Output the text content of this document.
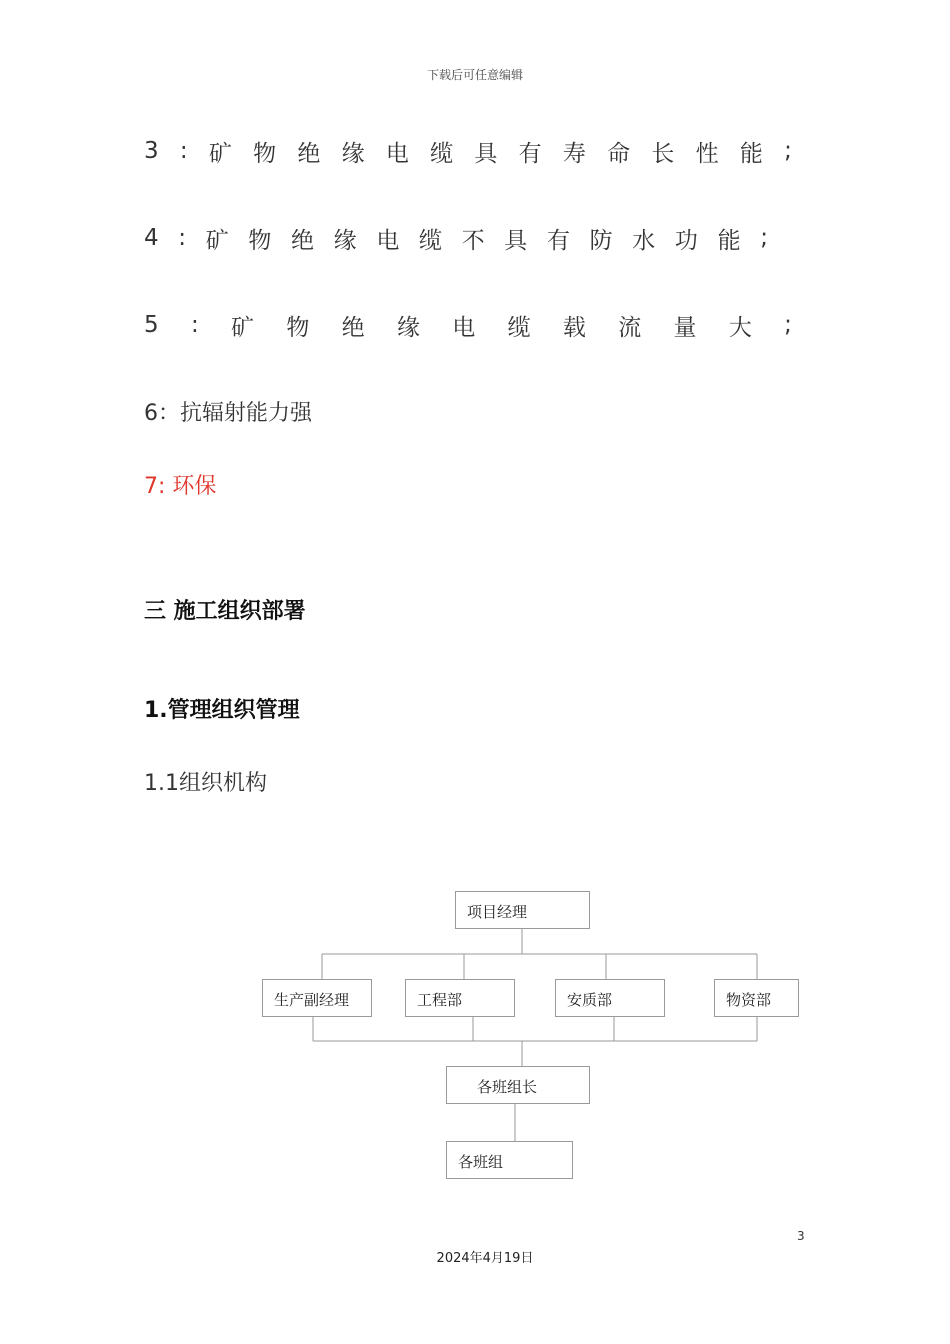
下载后可任意编辑
3 : 矿 物 绝 缘 电 缆 具 有 寿 命 长 性 能 ;
4 : 矿 物 绝 缘 电 缆 不 具 有 防 水 功 能 ;
5 : 矿 物 绝 缘 电 缆 载 流 量 大 ;
6：抗辐射能力强
7: 环保
三 施工组织部署
1.管理组织管理
1.1组织机构
项目经理
生产副经理	工程部	安质部	物资部
各班组长
各班组
3
2024年4月19日
